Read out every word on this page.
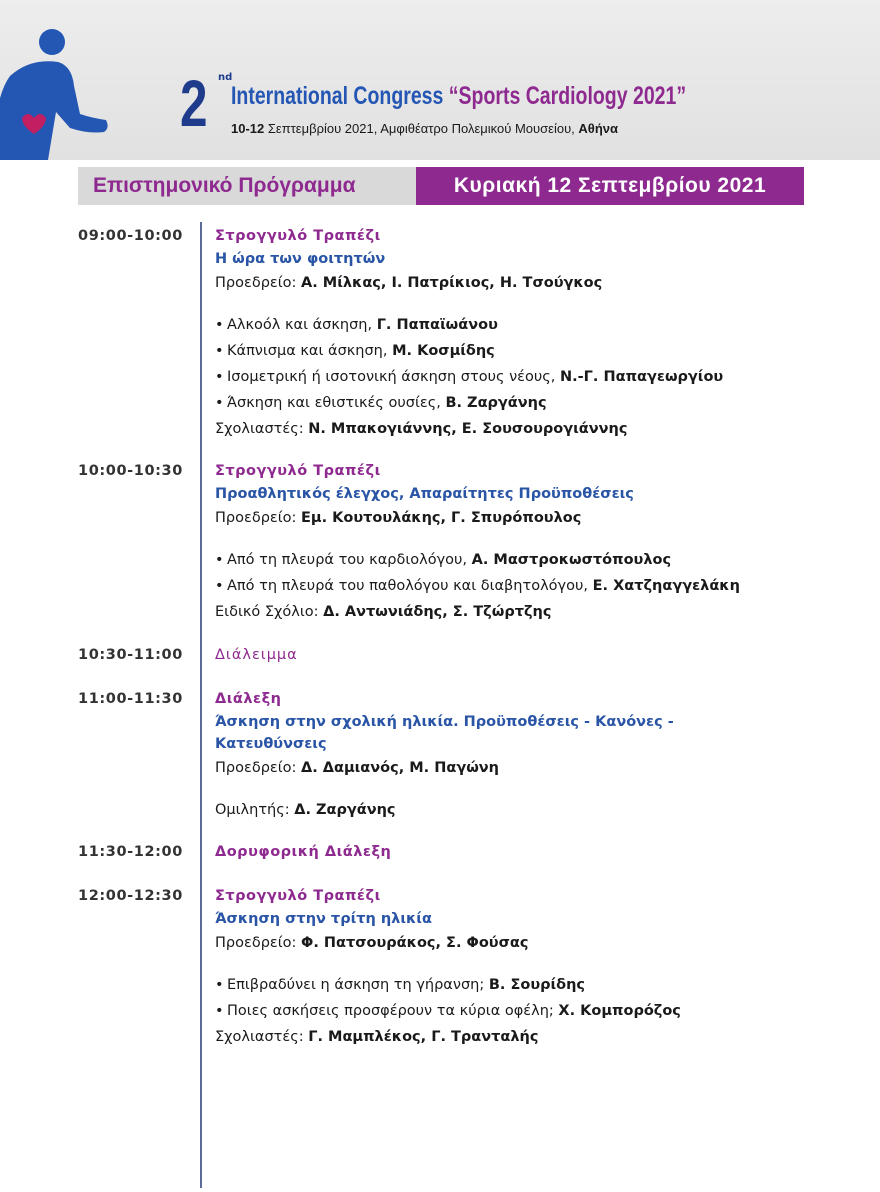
2 nd
International Congress “Sports Cardiology 2021”
10-12 Σεπτεμβρίου 2021, Αμφιθέατρο Πολεμικού Μουσείου, Αθήνα
Επιστημονικό Πρόγραμμα	Κυριακή 12 Σεπτεμβρίου 2021
09:00-10:00	Στρογγυλό Τραπέζι
Η ώρα των φοιτητών
Προεδρείο: Α. Μίλκας, Ι. Πατρίκιος, Η. Τσούγκος
• Αλκοόλ και άσκηση, Γ. Παπαϊωάνου
• Κάπνισμα και άσκηση, Μ. Κοσμίδης
• Ισομετρική ή ισοτονική άσκηση στους νέους, Ν.-Γ. Παπαγεωργίου
• Άσκηση και εθιστικές ουσίες, Β. Ζαργάνης
Σχολιαστές: Ν. Μπακογιάννης, Ε. Σουσουρογιάννης
10:00-10:30	Στρογγυλό Τραπέζι
Προαθλητικός έλεγχος, Απαραίτητες Προϋποθέσεις
Προεδρείο: Εμ. Κουτουλάκης, Γ. Σπυρόπουλος
• Από τη πλευρά του καρδιολόγου, Α. Μαστροκωστόπουλος
• Από τη πλευρά του παθολόγου και διαβητολόγου, Ε. Χατζηαγγελάκη
Ειδικό Σχόλιο: Δ. Αντωνιάδης, Σ. Τζώρτζης
10:30-11:00	Διάλειμμα
11:00-11:30	Διάλεξη
Άσκηση στην σχολική ηλικία. Προϋποθέσεις - Κανόνες - Κατευθύνσεις
Προεδρείο: Δ. Δαμιανός, Μ. Παγώνη
Ομιλητής: Δ. Ζαργάνης
11:30-12:00	Δορυφορική Διάλεξη
12:00-12:30	Στρογγυλό Τραπέζι
Άσκηση στην τρίτη ηλικία
Προεδρείο: Φ. Πατσουράκος, Σ. Φούσας
• Επιβραδύνει η άσκηση τη γήρανση; Β. Σουρίδης
• Ποιες ασκήσεις προσφέρουν τα κύρια οφέλη; Χ. Κομπορόζος
Σχολιαστές: Γ. Μαμπλέκος, Γ. Τρανταλής
